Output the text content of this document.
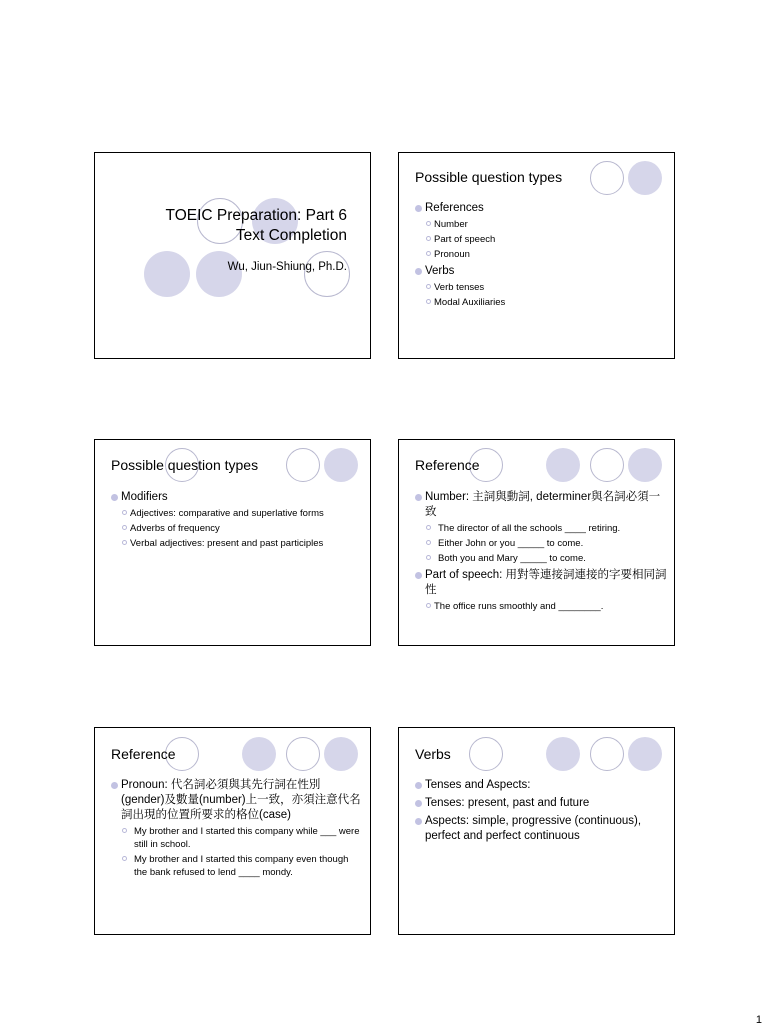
TOEIC Preparation: Part 6
Text Completion
Wu, Jiun-Shiung, Ph.D.
Possible question types
References
Number
Part of speech
Pronoun
Verbs
Verb tenses
Modal Auxiliaries
Possible question types
Modifiers
Adjectives: comparative and superlative forms
Adverbs of frequency
Verbal adjectives: present and past participles
Reference
Number: 主詞與動詞, determiner與名詞必須一致
The director of all the schools ____ retiring.
Either John or you _____ to come.
Both you and Mary _____ to come.
Part of speech: 用對等連接詞連接的字要相同詞性
The office runs smoothly and ________.
Reference
Pronoun: 代名詞必須與其先行詞在性別(gender)及數量(number)上一致，亦須注意代名詞出現的位置所要求的格位(case)
My brother and I started this company while ___ were still in school.
My brother and I started this company even though the bank refused to lend ____ mondy.
Verbs
Tenses and Aspects:
Tenses: present, past and future
Aspects: simple, progressive (continuous), perfect and perfect continuous
1
